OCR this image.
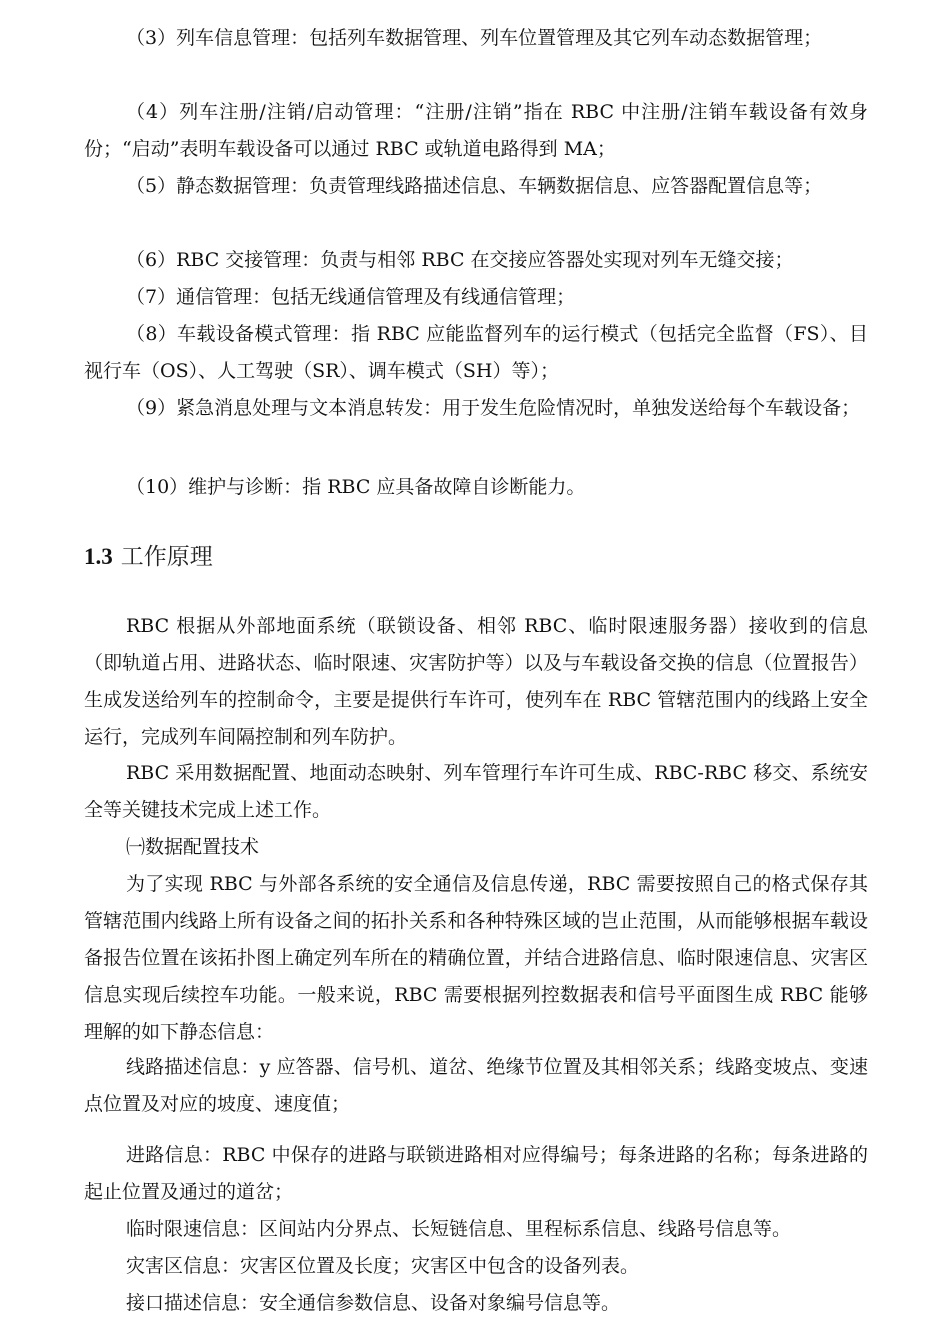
（3）列车信息管理：包括列车数据管理、列车位置管理及其它列车动态数据管理；

（4）列车注册/注销/启动管理：“注册/注销”指在 RBC 中注册/注销车载设备有效身份；“启动”表明车载设备可以通过 RBC 或轨道电路得到 MA；

（5）静态数据管理：负责管理线路描述信息、车辆数据信息、应答器配置信息等；

（6）RBC 交接管理：负责与相邻 RBC 在交接应答器处实现对列车无缝交接；

（7）通信管理：包括无线通信管理及有线通信管理；

（8）车载设备模式管理：指 RBC 应能监督列车的运行模式（包括完全监督（FS）、目视行车（OS）、人工驾驶（SR）、调车模式（SH）等）；

（9）紧急消息处理与文本消息转发：用于发生危险情况时，单独发送给每个车载设备；

（10）维护与诊断：指 RBC 应具备故障自诊断能力。

1.3 工作原理

RBC 根据从外部地面系统（联锁设备、相邻 RBC、临时限速服务器）接收到的信息（即轨道占用、进路状态、临时限速、灾害防护等）以及与车载设备交换的信息（位置报告）生成发送给列车的控制命令，主要是提供行车许可，使列车在 RBC 管辖范围内的线路上安全运行，完成列车间隔控制和列车防护。

RBC 采用数据配置、地面动态映射、列车管理行车许可生成、RBC-RBC 移交、系统安全等关键技术完成上述工作。

㈠数据配置技术

为了实现 RBC 与外部各系统的安全通信及信息传递，RBC 需要按照自己的格式保存其管辖范围内线路上所有设备之间的拓扑关系和各种特殊区域的岂止范围，从而能够根据车载设备报告位置在该拓扑图上确定列车所在的精确位置，并结合进路信息、临时限速信息、灾害区信息实现后续控车功能。一般来说，RBC 需要根据列控数据表和信号平面图生成 RBC 能够理解的如下静态信息：

线路描述信息：y 应答器、信号机、道岔、绝缘节位置及其相邻关系；线路变坡点、变速点位置及对应的坡度、速度值；

进路信息：RBC 中保存的进路与联锁进路相对应得编号；每条进路的名称；每条进路的起止位置及通过的道岔；

临时限速信息：区间站内分界点、长短链信息、里程标系信息、线路号信息等。

灾害区信息：灾害区位置及长度；灾害区中包含的设备列表。

接口描述信息：安全通信参数信息、设备对象编号信息等。
